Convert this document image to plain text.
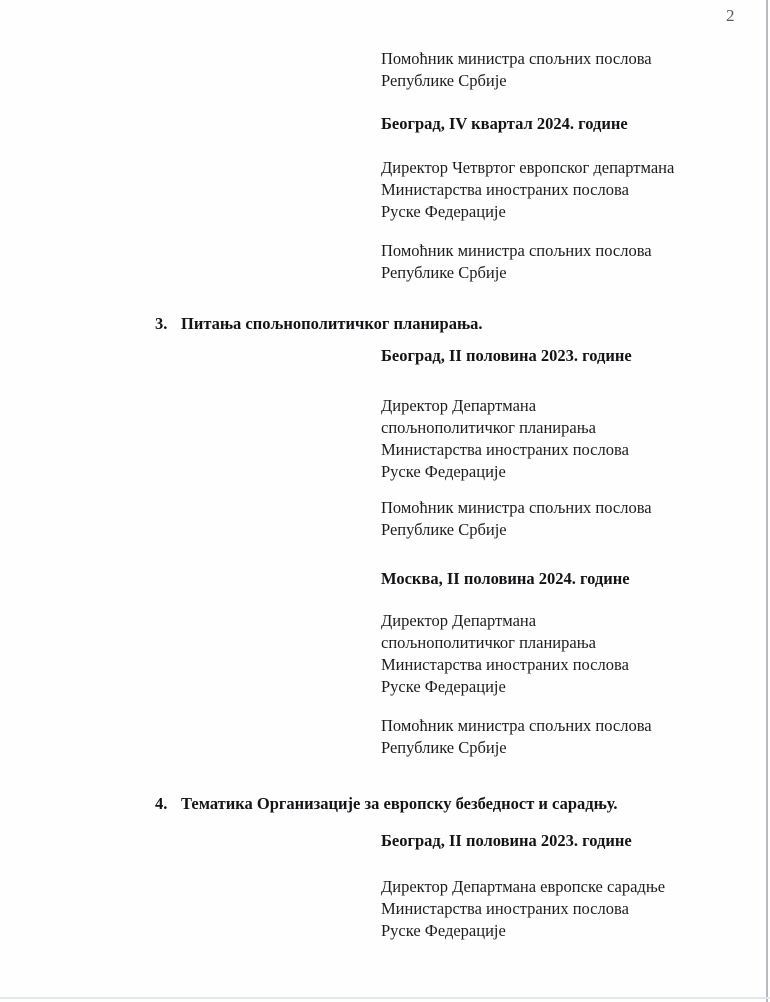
2
Помоћник министра спољних послова
Републике Србије
Београд, IV квартал 2024. године
Директор Четвртог европског департмана
Министарства иностраних послова
Руске Федерације
Помоћник министра спољних послова
Републике Србије
3. Питања спољнополитичког планирања.
Београд, II половина 2023. године
Директор Департмана
спољнополитичког планирања
Министарства иностраних послова
Руске Федерације
Помоћник министра спољних послова
Републике Србије
Москва, II половина 2024. године
Директор Департмана
спољнополитичког планирања
Министарства иностраних послова
Руске Федерације
Помоћник министра спољних послова
Републике Србије
4. Тематика Организације за европску безбедност и сарадњу.
Београд, II половина 2023. године
Директор Департмана европске сарадње
Министарства иностраних послова
Руске Федерације
